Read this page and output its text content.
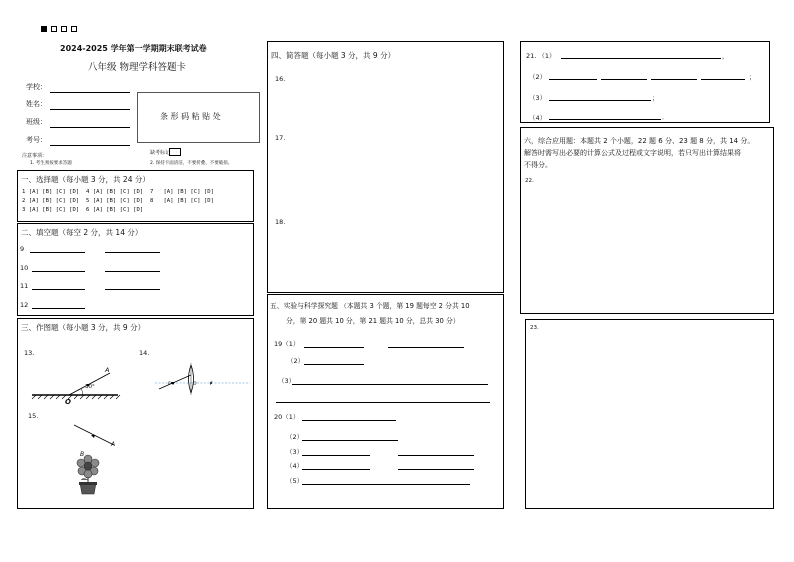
2024-2025 学年第一学期期末联考试卷
八年级 物理学科答题卡
学校：
姓名：
班级：
考号：
条 形 码 粘 贴 处
缺考标记
注意事项：
1. 考生须按要求答题	2. 保持卡面清洁，不要折叠、不要破损。
一、选择题（每小题 3 分，共 24 分）
1 [A] [B] [C] [D]  4 [A] [B] [C] [D]  7   [A] [B] [C] [D]
2 [A] [B] [C] [D]  5 [A] [B] [C] [D]  8   [A] [B] [C] [D]
3 [A] [B] [C] [D]  6 [A] [B] [C] [D]
二、填空题（每空 2 分，共 14 分）
9
10
11
12
三、作图题（每小题 3 分，共 9 分）
13.	14.
15.
30°
A
O
F	O	F
A
B
四、简答题（每小题 3 分，共 9 分）
16.
17.
18.
五、实验与科学探究题 （本题共 3 个题，第 19 题每空 2 分共 10
分，第 20 题共 10 分，第 21 题共 10 分，总共 30 分）
19（1）
（2）
（3）
20（1）
（2）
（3）
（4）
（5）
21. （1）	，
（2）	；
（3）	；
（4）	．
六，综合应用题：本题共 2 个小题，22 题 6 分、23 题 8 分，共 14 分。
解答时需写出必要的计算公式及过程或文字说明，若只写出计算结果将
不得分。
22.
23.
